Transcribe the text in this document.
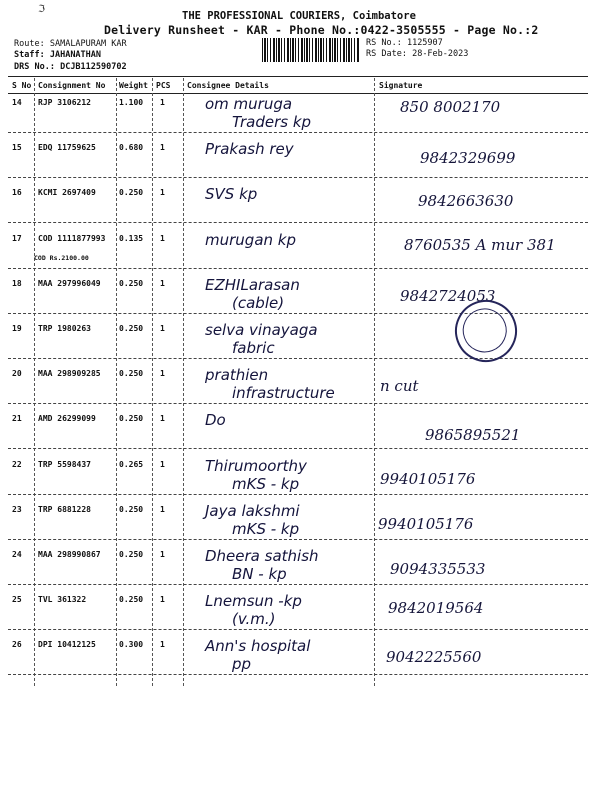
ℑ
THE PROFESSIONAL COURIERS, Coimbatore
Delivery Runsheet - KAR - Phone No.:0422-3505555 - Page No.:2
Route: SAMALAPURAM KAR
Staff: JAHANATHAN
DRS No.: DCJB112590702
RS No.: 1125907
RS Date: 28-Feb-2023
S No Consignment No Weight PCS Consignee Details	Signature
14 RJP 3106212	1.100 1	om muruga
Traders kp
850 8002170
15 EDQ 11759625	0.680 1	Prakash rey	9842329699
16 KCMI 2697409	0.250 1	SVS kp	9842663630
17 COD 1111877993 0.135 1
COD Rs.2100.00
murugan kp	8760535 A mur 381
18 MAA 297996049 0.250 1	EZHILarasan
(cable)	9842724053
19 TRP 1980263	0.250 1	selva vinayaga
fabric
20 MAA 298909285 0.250 1	prathien
infrastructure	n cut
21 AMD 26299099	0.250 1	Do
9865895521
22 TRP 5598437	0.265 1	Thirumoorthy
mKS - kp	9940105176
23 TRP 6881228	0.250 1	Jaya lakshmi
mKS - kp	9940105176
24 MAA 298990867 0.250 1	Dheera sathish
BN - kp	9094335533
25 TVL 361322	0.250 1	Lnemsun -kp
(v.m.)
9842019564
26 DPI 10412125	0.300 1	Ann's hospital
pp	9042225560
